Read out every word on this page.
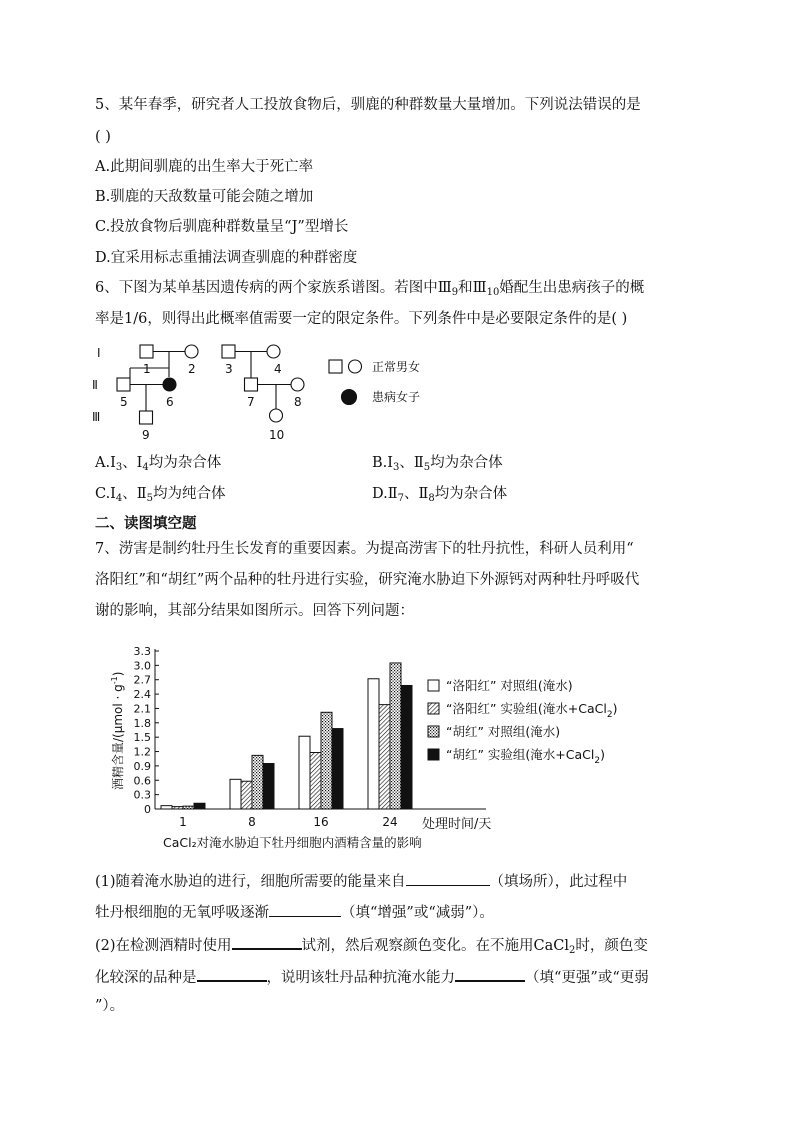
5、某年春季，研究者人工投放食物后，驯鹿的种群数量大量增加。下列说法错误的是
( )
A.此期间驯鹿的出生率大于死亡率
B.驯鹿的天敌数量可能会随之增加
C.投放食物后驯鹿种群数量呈“J”型增长
D.宜采用标志重捕法调查驯鹿的种群密度
6、下图为某单基因遗传病的两个家族系谱图。若图中$Ⅲ_9$和$Ⅲ_{10}$婚配生出患病孩子的概
率是1/6，则得出此概率值需要一定的限定条件。下列条件中是必要限定条件的是( )
I
Ⅱ
Ⅲ
1	2 3	4
5	6	7	8
9	10
正常男女
患病女子
$A.I_3$、$I_4$均为杂合体	$B.I_3$、$Ⅱ_5$均为杂合体
$C.I_4$、$Ⅱ_5$均为纯合体	$D.Ⅱ_7$、$Ⅱ_8$均为杂合体
二、读图填空题
7、涝害是制约牡丹生长发育的重要因素。为提高涝害下的牡丹抗性，科研人员利用“
洛阳红”和“胡红”两个品种的牡丹进行实验，研究淹水胁迫下外源钙对两种牡丹呼吸代
谢的影响，其部分结果如图所示。回答下列问题：
0
0.3
0.6
0.9
1.2
1.5
1.8
2.1
2.4
2.7
3.0
3.3
1	8	16	24
酒精含量$/(\mu mol \cdot g^{-1})$
处理时间/天
CaCl₂对淹水胁迫下牡丹细胞内酒精含量的影响
“洛阳红” 对照组(淹水)
“洛阳红” 实验组(淹水+CaCl$_2$)
“胡红” 对照组(淹水)
“胡红” 实验组(淹水+CaCl$_2$)
(1)随着淹水胁迫的进行，细胞所需要的能量来自	（填场所），此过程中
牡丹根细胞的无氧呼吸逐渐	（填“增强”或“减弱”）。
(2)在检测酒精时使用	试剂，然后观察颜色变化。在不施用CaCl$_2$时，颜色变
化较深的品种是	，说明该牡丹品种抗淹水能力	（填“更强”或“更弱
”）。
